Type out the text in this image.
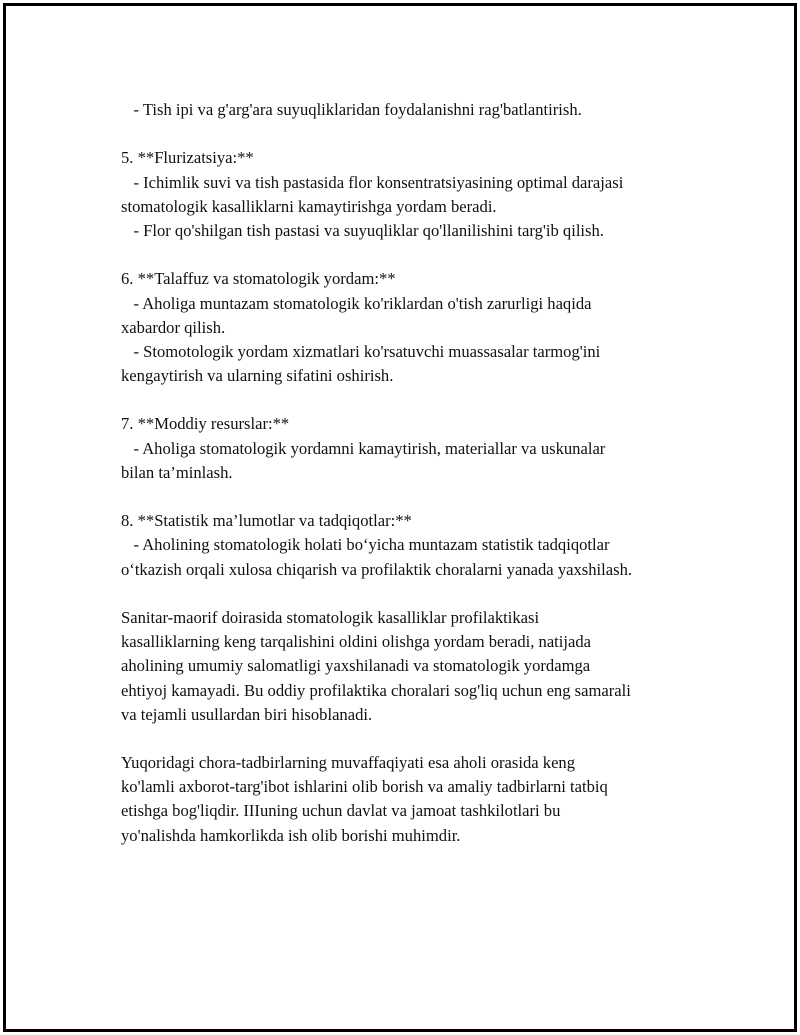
- Tish ipi va g'arg'ara suyuqliklaridan foydalanishni rag'batlantirish.
5. **Flurizatsiya:**
- Ichimlik suvi va tish pastasida flor konsentratsiyasining optimal darajasi
stomatologik kasalliklarni kamaytirishga yordam beradi.
- Flor qo'shilgan tish pastasi va suyuqliklar qo'llanilishini targ'ib qilish.
6. **Talaffuz va stomatologik yordam:**
- Aholiga muntazam stomatologik ko'riklardan o'tish zarurligi haqida
xabardor qilish.
- Stomotologik yordam xizmatlari ko'rsatuvchi muassasalar tarmog'ini
kengaytirish va ularning sifatini oshirish.
7. **Moddiy resurslar:**
- Aholiga stomatologik yordamni kamaytirish, materiallar va uskunalar
bilan ta’minlash.
8. **Statistik ma’lumotlar va tadqiqotlar:**
- Aholining stomatologik holati bo‘yicha muntazam statistik tadqiqotlar
o‘tkazish orqali xulosa chiqarish va profilaktik choralarni yanada yaxshilash.
Sanitar-maorif doirasida stomatologik kasalliklar profilaktikasi
kasalliklarning keng tarqalishini oldini olishga yordam beradi, natijada
aholining umumiy salomatligi yaxshilanadi va stomatologik yordamga
ehtiyoj kamayadi. Bu oddiy profilaktika choralari sog'liq uchun eng samarali
va tejamli usullardan biri hisoblanadi.
Yuqoridagi chora-tadbirlarning muvaffaqiyati esa aholi orasida keng
ko'lamli axborot-targ'ibot ishlarini olib borish va amaliy tadbirlarni tatbiq
etishga bog'liqdir. IIIuning uchun davlat va jamoat tashkilotlari bu
yo'nalishda hamkorlikda ish olib borishi muhimdir.
